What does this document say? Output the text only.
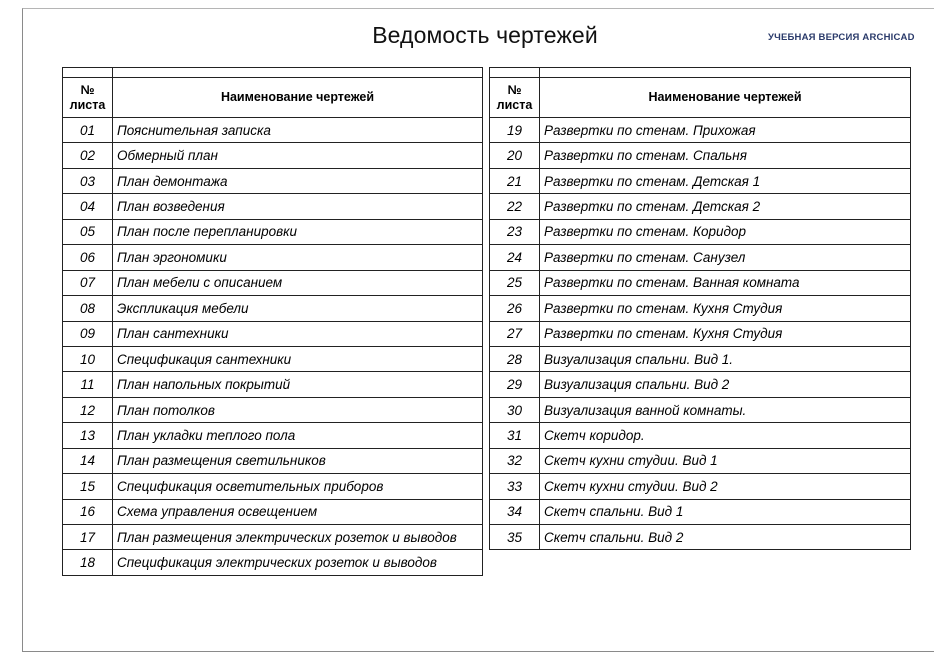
Ведомость чертежей	УЧЕБНАЯ ВЕРСИЯ ARCHICAD

№
листа	Наименование чертежей
01	Пояснительная записка
02	Обмерный план
03	План демонтажа
04	План возведения
05	План после перепланировки
06	План эргономики
07	План мебели с описанием
08	Экспликация мебели
09	План сантехники
10	Спецификация сантехники
11	План напольных покрытий
12	План потолков
13	План укладки теплого пола
14	План размещения светильников
15	Спецификация осветительных приборов
16	Схема управления освещением
17	План размещения электрических розеток и выводов
18	Спецификация электрических розеток и выводов

№
листа	Наименование чертежей
19	Развертки по стенам. Прихожая
20	Развертки по стенам. Спальня
21	Развертки по стенам. Детская 1
22	Развертки по стенам. Детская 2
23	Развертки по стенам. Коридор
24	Развертки по стенам. Санузел
25	Развертки по стенам. Ванная комната
26	Развертки по стенам. Кухня Студия
27	Развертки по стенам. Кухня Студия
28	Визуализация спальни. Вид 1.
29	Визуализация спальни. Вид 2
30	Визуализация ванной комнаты.
31	Скетч коридор.
32	Скетч кухни студии. Вид 1
33	Скетч кухни студии. Вид 2
34	Скетч спальни. Вид 1
35	Скетч спальни. Вид 2
